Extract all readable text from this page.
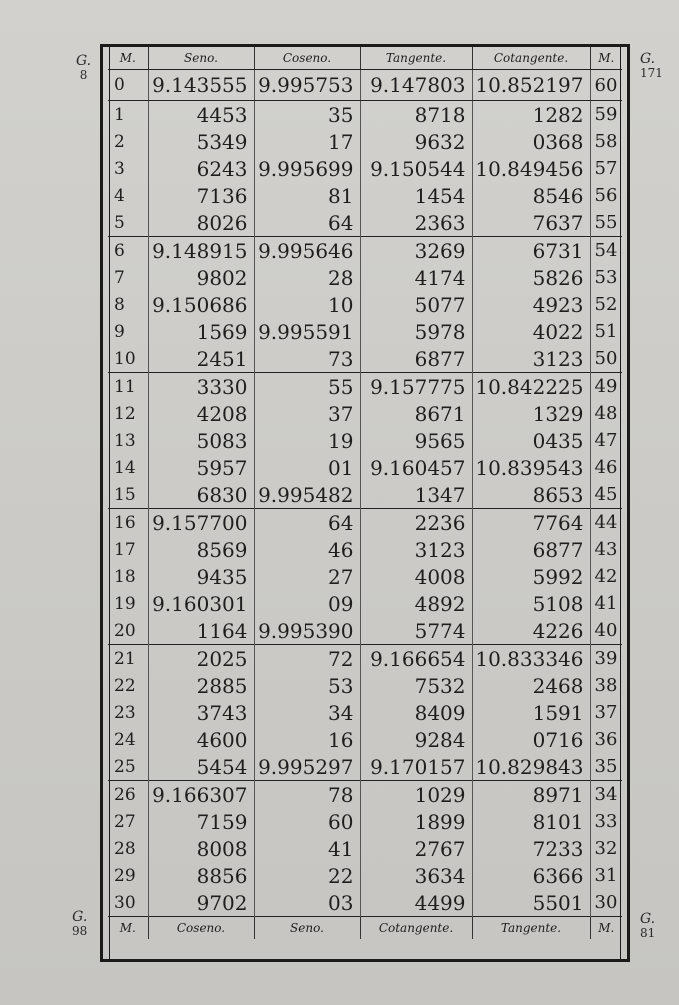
G.
8
G.
171
G.
98
G.
81
M.	Seno.	Coseno.	Tangente.	Cotangente.	M.
0	9.143555	9.995753	9.147803	10.852197	60
1	4453	35	8718	1282	59
2	5349	17	9632	0368	58
3	6243	9.995699	9.150544	10.849456	57
4	7136	81	1454	8546	56
5	8026	64	2363	7637	55
6	9.148915	9.995646	3269	6731	54
7	9802	28	4174	5826	53
8	9.150686	10	5077	4923	52
9	1569	9.995591	5978	4022	51
10	2451	73	6877	3123	50
11	3330	55	9.157775	10.842225	49
12	4208	37	8671	1329	48
13	5083	19	9565	0435	47
14	5957	01	9.160457	10.839543	46
15	6830	9.995482	1347	8653	45
16	9.157700	64	2236	7764	44
17	8569	46	3123	6877	43
18	9435	27	4008	5992	42
19	9.160301	09	4892	5108	41
20	1164	9.995390	5774	4226	40
21	2025	72	9.166654	10.833346	39
22	2885	53	7532	2468	38
23	3743	34	8409	1591	37
24	4600	16	9284	0716	36
25	5454	9.995297	9.170157	10.829843	35
26	9.166307	78	1029	8971	34
27	7159	60	1899	8101	33
28	8008	41	2767	7233	32
29	8856	22	3634	6366	31
30	9702	03	4499	5501	30
M.	Coseno.	Seno.	Cotangente.	Tangente.	M.
